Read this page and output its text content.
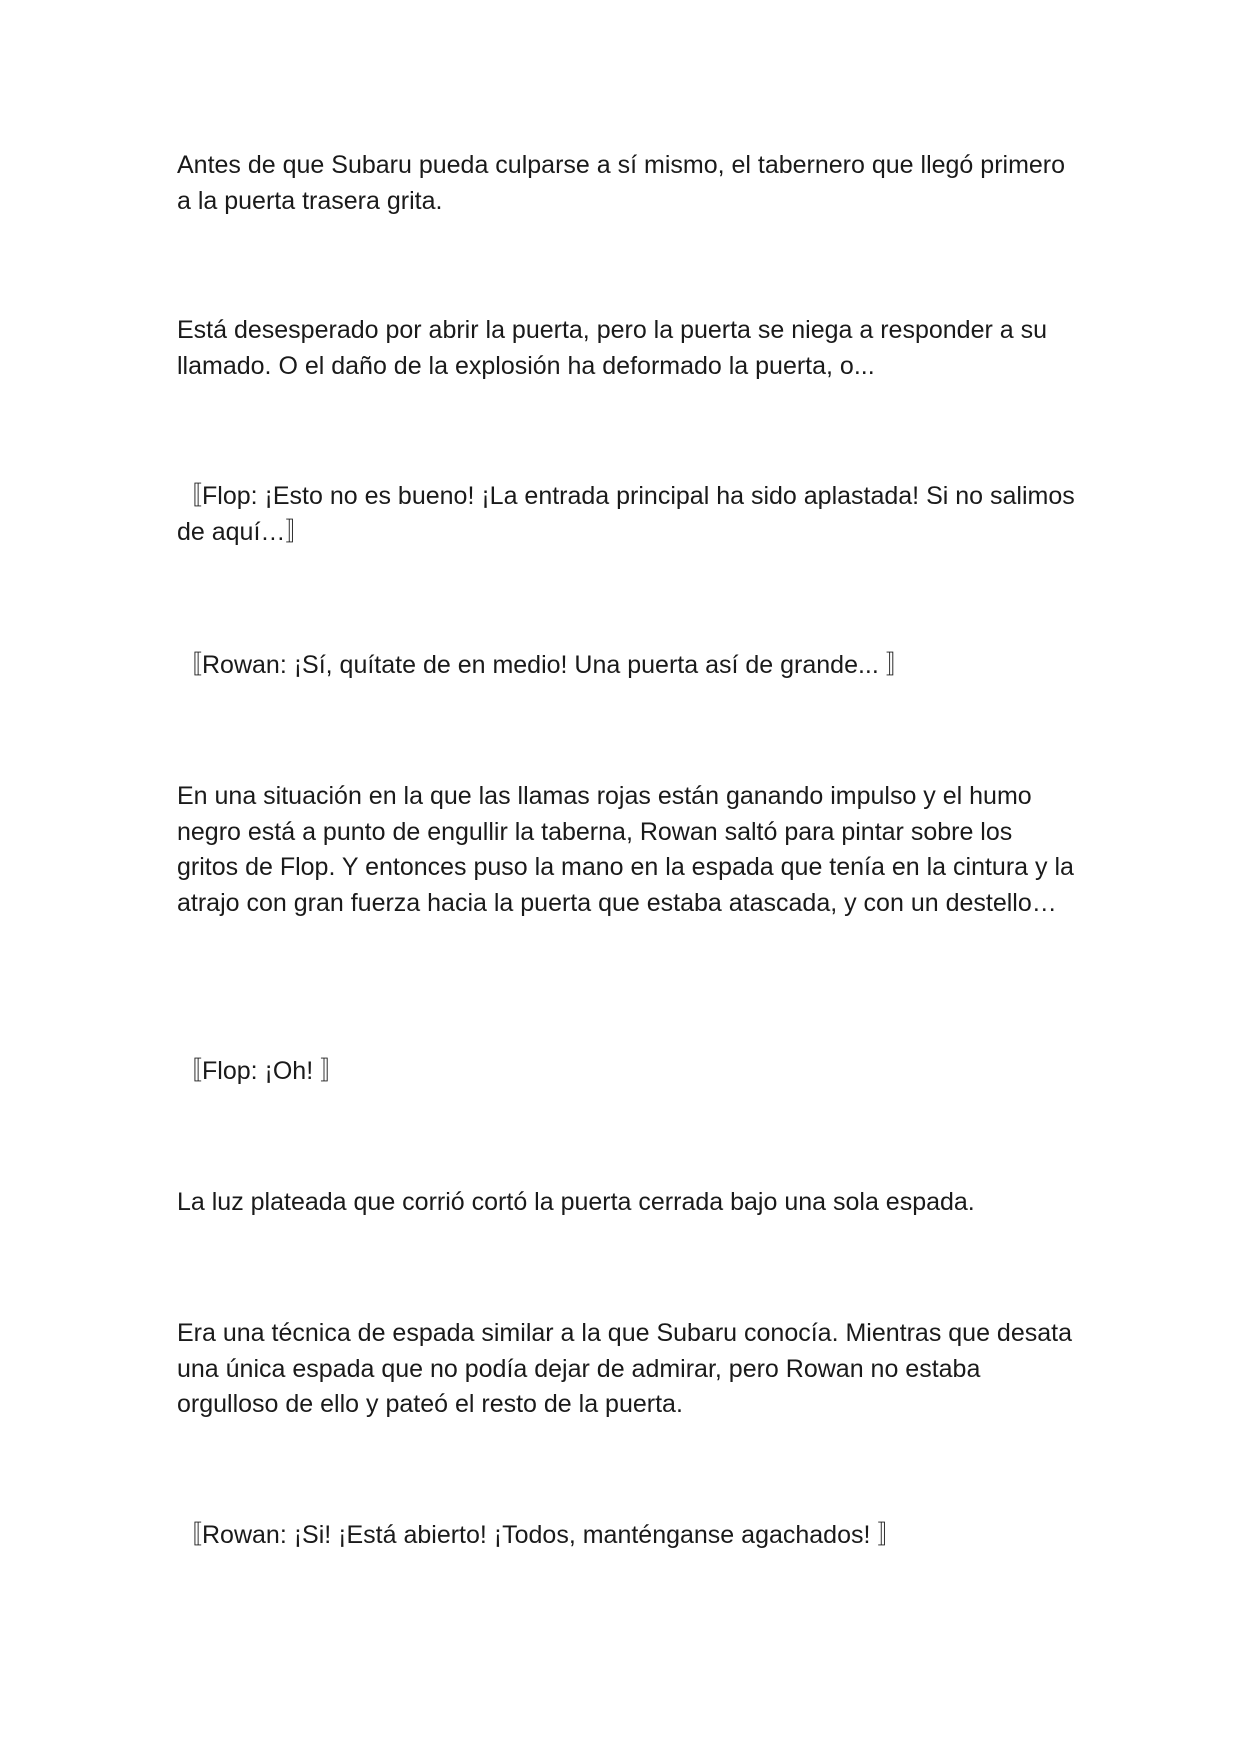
Antes de que Subaru pueda culparse a sí mismo, el tabernero que llegó primero a la puerta trasera grita.

Está desesperado por abrir la puerta, pero la puerta se niega a responder a su llamado. O el daño de la explosión ha deformado la puerta, o...

〚Flop: ¡Esto no es bueno! ¡La entrada principal ha sido aplastada! Si no salimos de aquí…〛

〚Rowan: ¡Sí, quítate de en medio! Una puerta así de grande... 〛

En una situación en la que las llamas rojas están ganando impulso y el humo negro está a punto de engullir la taberna, Rowan saltó para pintar sobre los gritos de Flop. Y entonces puso la mano en la espada que tenía en la cintura y la atrajo con gran fuerza hacia la puerta que estaba atascada, y con un destello…

〚Flop: ¡Oh! 〛

La luz plateada que corrió cortó la puerta cerrada bajo una sola espada.

Era una técnica de espada similar a la que Subaru conocía. Mientras que desata una única espada que no podía dejar de admirar, pero Rowan no estaba orgulloso de ello y pateó el resto de la puerta.

〚Rowan: ¡Si! ¡Está abierto! ¡Todos, manténganse agachados! 〛
